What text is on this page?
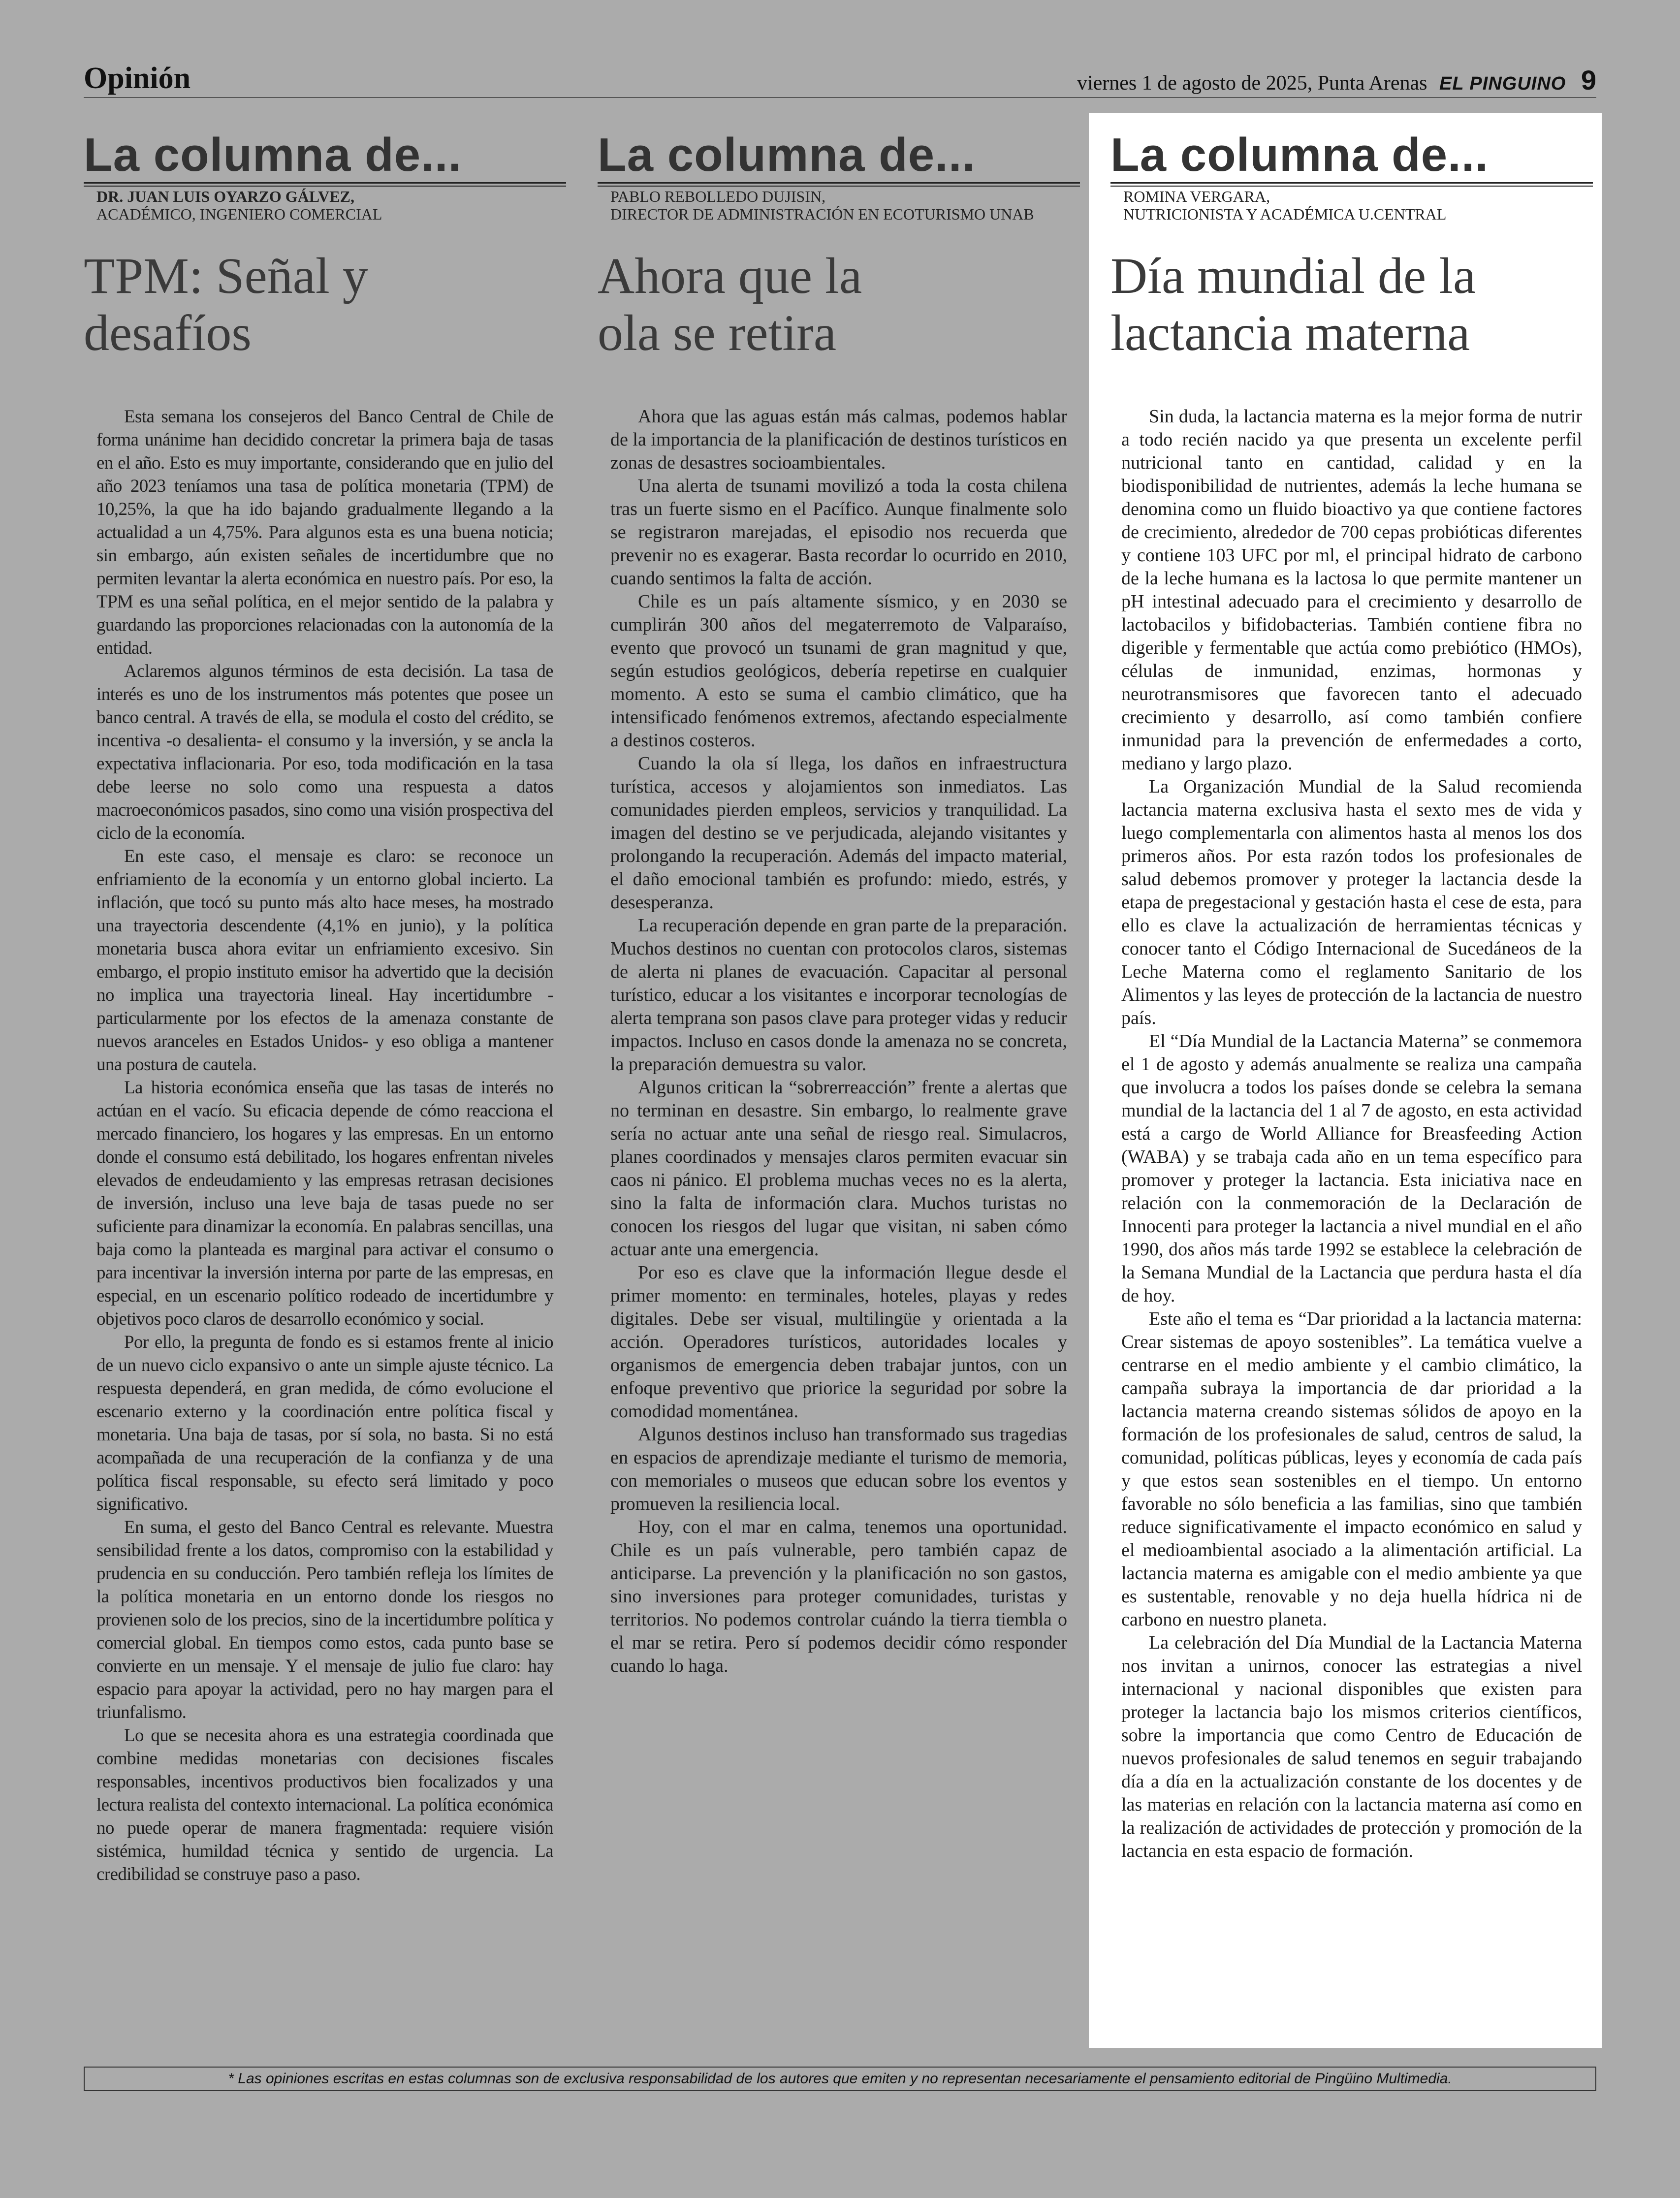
Opinión	viernes 1 de agosto de 2025, Punta Arenas EL PINGUINO 9
La columna de...
DR. JUAN LUIS OYARZO GÁLVEZ,
ACADÉMICO, INGENIERO COMERCIAL
TPM: Señal y
desafíos

Esta semana los consejeros del Banco Central de Chile de forma unánime han decidido concretar la primera baja de tasas en el año. Esto es muy importante, considerando que en julio del año 2023 teníamos una tasa de política monetaria (TPM) de 10,25%, la que ha ido bajando gradualmente llegando a la actualidad a un 4,75%. Para algunos esta es una buena noticia; sin embargo, aún existen señales de incertidumbre que no permiten levantar la alerta económica en nuestro país. Por eso, la TPM es una señal política, en el mejor sentido de la palabra y guardando las proporciones relacionadas con la autonomía de la entidad.

Aclaremos algunos términos de esta decisión. La tasa de interés es uno de los instrumentos más potentes que posee un banco central. A través de ella, se modula el costo del crédito, se incentiva -o desalienta- el consumo y la inversión, y se ancla la expectativa inflacionaria. Por eso, toda modificación en la tasa debe leerse no solo como una respuesta a datos macroeconómicos pasados, sino como una visión prospectiva del ciclo de la economía.

En este caso, el mensaje es claro: se reconoce un enfriamiento de la economía y un entorno global incierto. La inflación, que tocó su punto más alto hace meses, ha mostrado una trayectoria descendente (4,1% en junio), y la política monetaria busca ahora evitar un enfriamiento excesivo. Sin embargo, el propio instituto emisor ha advertido que la decisión no implica una trayectoria lineal. Hay incertidumbre -particularmente por los efectos de la amenaza constante de nuevos aranceles en Estados Unidos- y eso obliga a mantener una postura de cautela.

La historia económica enseña que las tasas de interés no actúan en el vacío. Su eficacia depende de cómo reacciona el mercado financiero, los hogares y las empresas. En un entorno donde el consumo está debilitado, los hogares enfrentan niveles elevados de endeudamiento y las empresas retrasan decisiones de inversión, incluso una leve baja de tasas puede no ser suficiente para dinamizar la economía. En palabras sencillas, una baja como la planteada es marginal para activar el consumo o para incentivar la inversión interna por parte de las empresas, en especial, en un escenario político rodeado de incertidumbre y objetivos poco claros de desarrollo económico y social.

Por ello, la pregunta de fondo es si estamos frente al inicio de un nuevo ciclo expansivo o ante un simple ajuste técnico. La respuesta dependerá, en gran medida, de cómo evolucione el escenario externo y la coordinación entre política fiscal y monetaria. Una baja de tasas, por sí sola, no basta. Si no está acompañada de una recuperación de la confianza y de una política fiscal responsable, su efecto será limitado y poco significativo.

En suma, el gesto del Banco Central es relevante. Muestra sensibilidad frente a los datos, compromiso con la estabilidad y prudencia en su conducción. Pero también refleja los límites de la política monetaria en un entorno donde los riesgos no provienen solo de los precios, sino de la incertidumbre política y comercial global. En tiempos como estos, cada punto base se convierte en un mensaje. Y el mensaje de julio fue claro: hay espacio para apoyar la actividad, pero no hay margen para el triunfalismo.

Lo que se necesita ahora es una estrategia coordinada que combine medidas monetarias con decisiones fiscales responsables, incentivos productivos bien focalizados y una lectura realista del contexto internacional. La política económica no puede operar de manera fragmentada: requiere visión sistémica, humildad técnica y sentido de urgencia. La credibilidad se construye paso a paso.

La columna de...
PABLO REBOLLEDO DUJISIN,
DIRECTOR DE ADMINISTRACIÓN EN ECOTURISMO UNAB
Ahora que la
ola se retira

Ahora que las aguas están más calmas, podemos hablar de la importancia de la planificación de destinos turísticos en zonas de desastres socioambientales.

Una alerta de tsunami movilizó a toda la costa chilena tras un fuerte sismo en el Pacífico. Aunque finalmente solo se registraron marejadas, el episodio nos recuerda que prevenir no es exagerar. Basta recordar lo ocurrido en 2010, cuando sentimos la falta de acción.

Chile es un país altamente sísmico, y en 2030 se cumplirán 300 años del megaterremoto de Valparaíso, evento que provocó un tsunami de gran magnitud y que, según estudios geológicos, debería repetirse en cualquier momento. A esto se suma el cambio climático, que ha intensificado fenómenos extremos, afectando especialmente a destinos costeros.

Cuando la ola sí llega, los daños en infraestructura turística, accesos y alojamientos son inmediatos. Las comunidades pierden empleos, servicios y tranquilidad. La imagen del destino se ve perjudicada, alejando visitantes y prolongando la recuperación. Además del impacto material, el daño emocional también es profundo: miedo, estrés, y desesperanza.

La recuperación depende en gran parte de la preparación. Muchos destinos no cuentan con protocolos claros, sistemas de alerta ni planes de evacuación. Capacitar al personal turístico, educar a los visitantes e incorporar tecnologías de alerta temprana son pasos clave para proteger vidas y reducir impactos. Incluso en casos donde la amenaza no se concreta, la preparación demuestra su valor.

Algunos critican la “sobrerreacción” frente a alertas que no terminan en desastre. Sin embargo, lo realmente grave sería no actuar ante una señal de riesgo real. Simulacros, planes coordinados y mensajes claros permiten evacuar sin caos ni pánico. El problema muchas veces no es la alerta, sino la falta de información clara. Muchos turistas no conocen los riesgos del lugar que visitan, ni saben cómo actuar ante una emergencia.

Por eso es clave que la información llegue desde el primer momento: en terminales, hoteles, playas y redes digitales. Debe ser visual, multilingüe y orientada a la acción. Operadores turísticos, autoridades locales y organismos de emergencia deben trabajar juntos, con un enfoque preventivo que priorice la seguridad por sobre la comodidad momentánea.

Algunos destinos incluso han transformado sus tragedias en espacios de aprendizaje mediante el turismo de memoria, con memoriales o museos que educan sobre los eventos y promueven la resiliencia local.

Hoy, con el mar en calma, tenemos una oportunidad. Chile es un país vulnerable, pero también capaz de anticiparse. La prevención y la planificación no son gastos, sino inversiones para proteger comunidades, turistas y territorios. No podemos controlar cuándo la tierra tiembla o el mar se retira. Pero sí podemos decidir cómo responder cuando lo haga.

La columna de...
ROMINA VERGARA,
NUTRICIONISTA Y ACADÉMICA U.CENTRAL
Día mundial de la
lactancia materna

Sin duda, la lactancia materna es la mejor forma de nutrir a todo recién nacido ya que presenta un excelente perfil nutricional tanto en cantidad, calidad y en la biodisponibilidad de nutrientes, además la leche humana se denomina como un fluido bioactivo ya que contiene factores de crecimiento, alrededor de 700 cepas probióticas diferentes y contiene 103 UFC por ml, el principal hidrato de carbono de la leche humana es la lactosa lo que permite mantener un pH intestinal adecuado para el crecimiento y desarrollo de lactobacilos y bifidobacterias. También contiene fibra no digerible y fermentable que actúa como prebiótico (HMOs), células de inmunidad, enzimas, hormonas y neurotransmisores que favorecen tanto el adecuado crecimiento y desarrollo, así como también confiere inmunidad para la prevención de enfermedades a corto, mediano y largo plazo.

La Organización Mundial de la Salud recomienda lactancia materna exclusiva hasta el sexto mes de vida y luego complementarla con alimentos hasta al menos los dos primeros años. Por esta razón todos los profesionales de salud debemos promover y proteger la lactancia desde la etapa de pregestacional y gestación hasta el cese de esta, para ello es clave la actualización de herramientas técnicas y conocer tanto el Código Internacional de Sucedáneos de la Leche Materna como el reglamento Sanitario de los Alimentos y las leyes de protección de la lactancia de nuestro país.

El “Día Mundial de la Lactancia Materna” se conmemora el 1 de agosto y además anualmente se realiza una campaña que involucra a todos los países donde se celebra la semana mundial de la lactancia del 1 al 7 de agosto, en esta actividad está a cargo de World Alliance for Breasfeeding Action (WABA) y se trabaja cada año en un tema específico para promover y proteger la lactancia. Esta iniciativa nace en relación con la conmemoración de la Declaración de Innocenti para proteger la lactancia a nivel mundial en el año 1990, dos años más tarde 1992 se establece la celebración de la Semana Mundial de la Lactancia que perdura hasta el día de hoy.

Este año el tema es “Dar prioridad a la lactancia materna: Crear sistemas de apoyo sostenibles”. La temática vuelve a centrarse en el medio ambiente y el cambio climático, la campaña subraya la importancia de dar prioridad a la lactancia materna creando sistemas sólidos de apoyo en la formación de los profesionales de salud, centros de salud, la comunidad, políticas públicas, leyes y economía de cada país y que estos sean sostenibles en el tiempo. Un entorno favorable no sólo beneficia a las familias, sino que también reduce significativamente el impacto económico en salud y el medioambiental asociado a la alimentación artificial. La lactancia materna es amigable con el medio ambiente ya que es sustentable, renovable y no deja huella hídrica ni de carbono en nuestro planeta.

La celebración del Día Mundial de la Lactancia Materna nos invitan a unirnos, conocer las estrategias a nivel internacional y nacional disponibles que existen para proteger la lactancia bajo los mismos criterios científicos, sobre la importancia que como Centro de Educación de nuevos profesionales de salud tenemos en seguir trabajando día a día en la actualización constante de los docentes y de las materias en relación con la lactancia materna así como en la realización de actividades de protección y promoción de la lactancia en esta espacio de formación.

* Las opiniones escritas en estas columnas son de exclusiva responsabilidad de los autores que emiten y no representan necesariamente el pensamiento editorial de Pingüino Multimedia.
